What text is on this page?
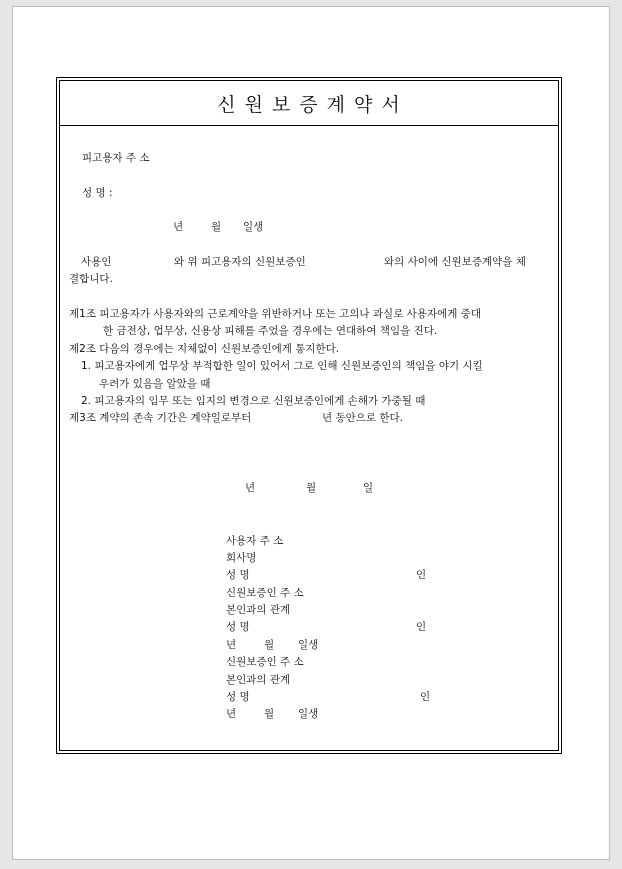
신원보증계약서
피고용자 주 소
성 명 :
년	월 일생
사용인	와 위 피고용자의 신원보증인	와의 사이에 신원보증계약을 체
결합니다.
제1조 피고용자가 사용자와의 근로계약을 위반하거나 또는 고의나 과실로 사용자에게 중대
한 금전상, 업무상, 신용상 피해를 주었을 경우에는 연대하여 책임을 진다.
제2조 다음의 경우에는 지체없이 신원보증인에게 통지한다.
1. 피고용자에게 업무상 부적합한 일이 있어서 그로 인해 신원보증인의 책임을 야기 시킬
우려가 있음을 알았을 때
2. 피고용자의 임무 또는 임지의 변경으로 신원보증인에게 손해가 가중될 때
제3조 계약의 존속 기간은 계약일로부터	년 동안으로 한다.
년	월	일
사용자 주 소
회사명
성 명	인
신원보증인 주 소
본인과의 관계
성 명	인
년	월 일생
신원보증인 주 소
본인과의 관계
성 명	인
년	월 일생
